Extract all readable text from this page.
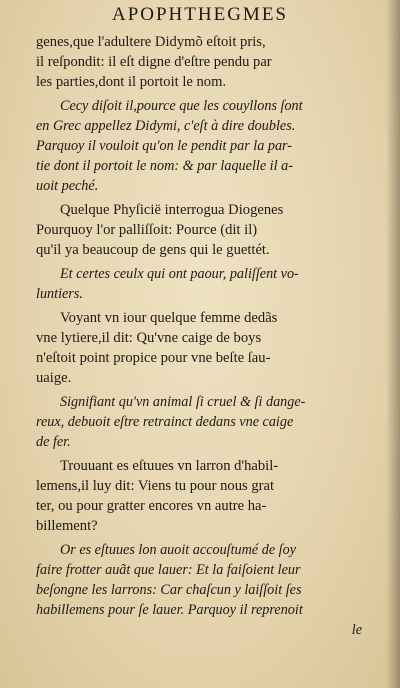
APOPHTHEGMES
genes,que l'adultere Didymõ eſtoit pris,
il reſpondit: il eſt digne d'eſtre pendu par
les parties,dont il portoit le nom.
Cecy diſoit il,pource que les couyllons ſont
en Grec appellez Didymi, c'eſt à dire doubles.
Parquoy il vouloit qu'on le pendit par la par-
tie dont il portoit le nom: & par laquelle il a-
uoit peché.
Quelque Phyſicië interrogua Diogenes
Pourquoy l'or palliſſoit: Pource (dit il)
qu'il ya beaucoup de gens qui le guettét.
Et certes ceulx qui ont paour, paliſſent vo-
luntiers.
Voyant vn iour quelque femme dedãs
vne lytiere,il dit: Qu'vne caige de boys
n'eſtoit point propice pour vne beſte ſau-
uaige.
Signifiant qu'vn animal ſi cruel & ſi dange-
reux, debuoit eſtre retrainct dedans vne caige
de fer.
Trouuant es eſtuues vn larron d'habil-
lemens,il luy dit: Viens tu pour nous grat
ter, ou pour gratter encores vn autre ha-
billement?
Or es eſtuues lon auoit accouſtumé de ſoy
faire frotter auãt que lauer: Et la faiſoient leur
beſongne les larrons: Car chaſcun y laiſſoit ſes
habillemens pour ſe lauer. Parquoy il reprenoit
le
